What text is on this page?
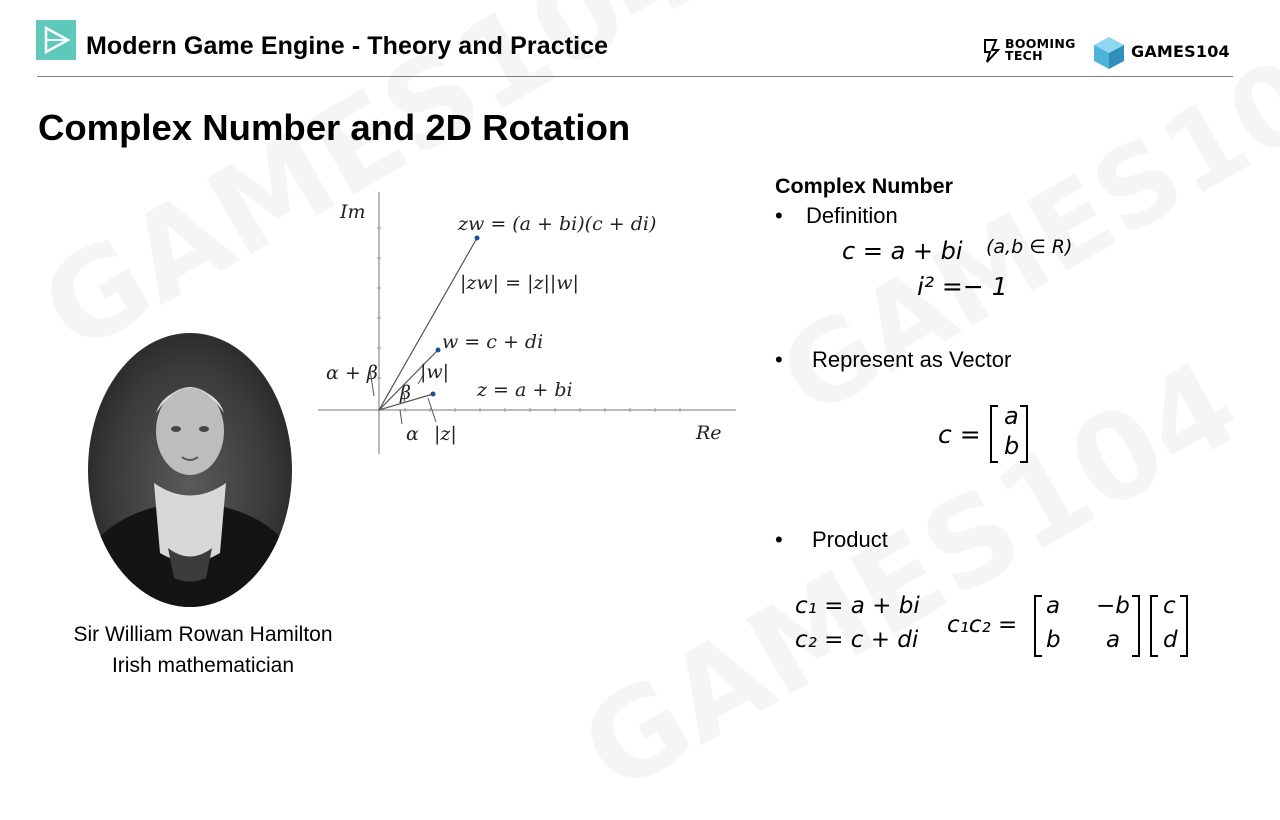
Modern Game Engine - Theory and Practice	BOOMING
TECH	GAMES104
Complex Number and 2D Rotation
Sir William Rowan Hamilton
Irish mathematician
Im
Re
zw = (a + bi)(c + di)
|zw| = |z||w|
w = c + di
|w|
z = a + bi
|z|
α + β
α
β
Complex Number
• Definition
c = a + bi (a,b ∈ R)
i² =− 1
• Represent as Vector
c =
a
b
• Product
c₁ = a + bi
c₂ = c + di
c₁c₂ =
a −b
b a
c
d
